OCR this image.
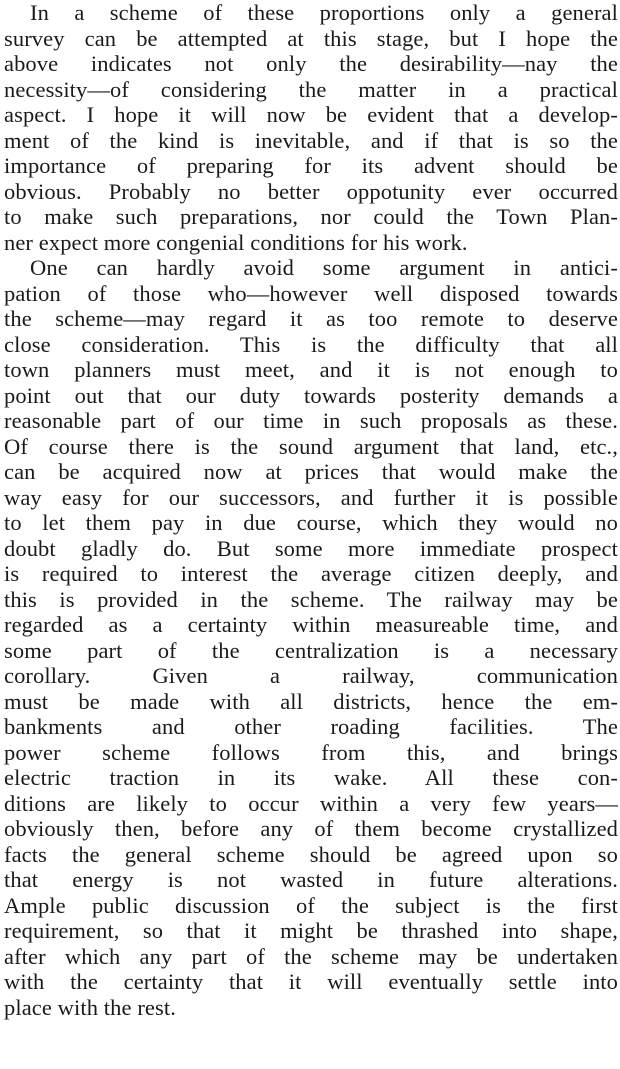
In a scheme of these proportions only a general
survey can be attempted at this stage, but I hope the
above indicates not only the desirability—nay the
necessity—of considering the matter in a practical
aspect. I hope it will now be evident that a develop-
ment of the kind is inevitable, and if that is so the
importance of preparing for its advent should be
obvious. Probably no better oppotunity ever occurred
to make such preparations, nor could the Town Plan-
ner expect more congenial conditions for his work.
One can hardly avoid some argument in antici-
pation of those who—however well disposed towards
the scheme—may regard it as too remote to deserve
close consideration. This is the difficulty that all
town planners must meet, and it is not enough to
point out that our duty towards posterity demands a
reasonable part of our time in such proposals as these.
Of course there is the sound argument that land, etc.,
can be acquired now at prices that would make the
way easy for our successors, and further it is possible
to let them pay in due course, which they would no
doubt gladly do. But some more immediate prospect
is required to interest the average citizen deeply, and
this is provided in the scheme. The railway may be
regarded as a certainty within measureable time, and
some part of the centralization is a necessary
corollary. Given a railway, communication
must be made with all districts, hence the em-
bankments and other roading facilities. The
power scheme follows from this, and brings
electric traction in its wake. All these con-
ditions are likely to occur within a very few years—
obviously then, before any of them become crystallized
facts the general scheme should be agreed upon so
that energy is not wasted in future alterations.
Ample public discussion of the subject is the first
requirement, so that it might be thrashed into shape,
after which any part of the scheme may be undertaken
with the certainty that it will eventually settle into
place with the rest.
